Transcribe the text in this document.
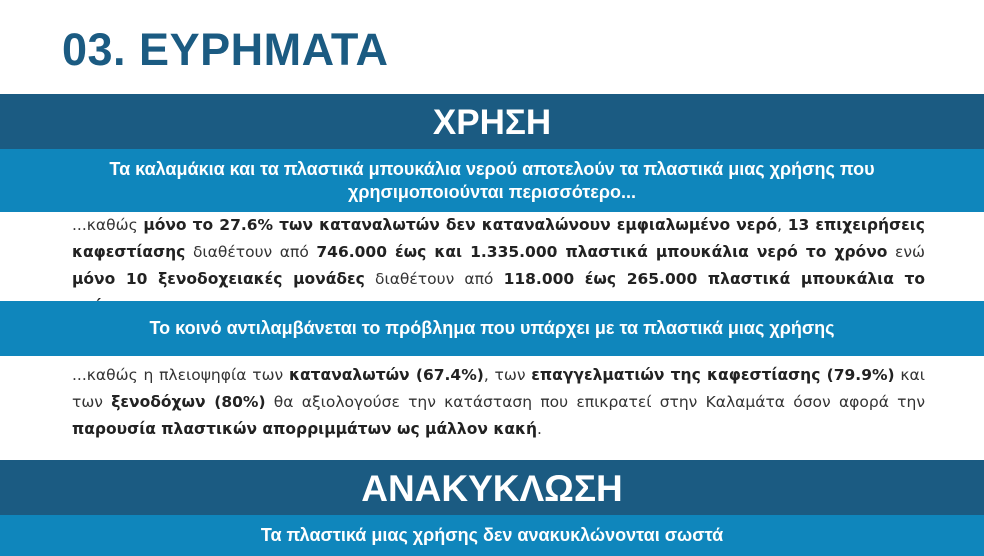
03. ΕΥΡΗΜΑΤΑ
ΧΡΗΣΗ
Τα καλαμάκια και τα πλαστικά μπουκάλια νερού αποτελούν τα πλαστικά μιας χρήσης που χρησιμοποιούνται περισσότερο...
...καθώς μόνο το 27.6% των καταναλωτών δεν καταναλώνουν εμφιαλωμένο νερό, 13 επιχειρήσεις καφεστίασης διαθέτουν από 746.000 έως και 1.335.000 πλαστικά μπουκάλια νερό το χρόνο ενώ μόνο 10 ξενοδοχειακές μονάδες διαθέτουν από 118.000 έως 265.000 πλαστικά μπουκάλια το
Το κοινό αντιλαμβάνεται το πρόβλημα που υπάρχει με τα πλαστικά μιας χρήσης
...καθώς η πλειοψηφία των καταναλωτών (67.4%), των επαγγελματιών της καφεστίασης (79.9%) και των ξενοδόχων (80%) θα αξιολογούσε την κατάσταση που επικρατεί στην Καλαμάτα όσον αφορά την παρουσία πλαστικών απορριμμάτων ως μάλλον κακή.
ΑΝΑΚΥΚΛΩΣΗ
Τα πλαστικά μιας χρήσης δεν ανακυκλώνονται σωστά
